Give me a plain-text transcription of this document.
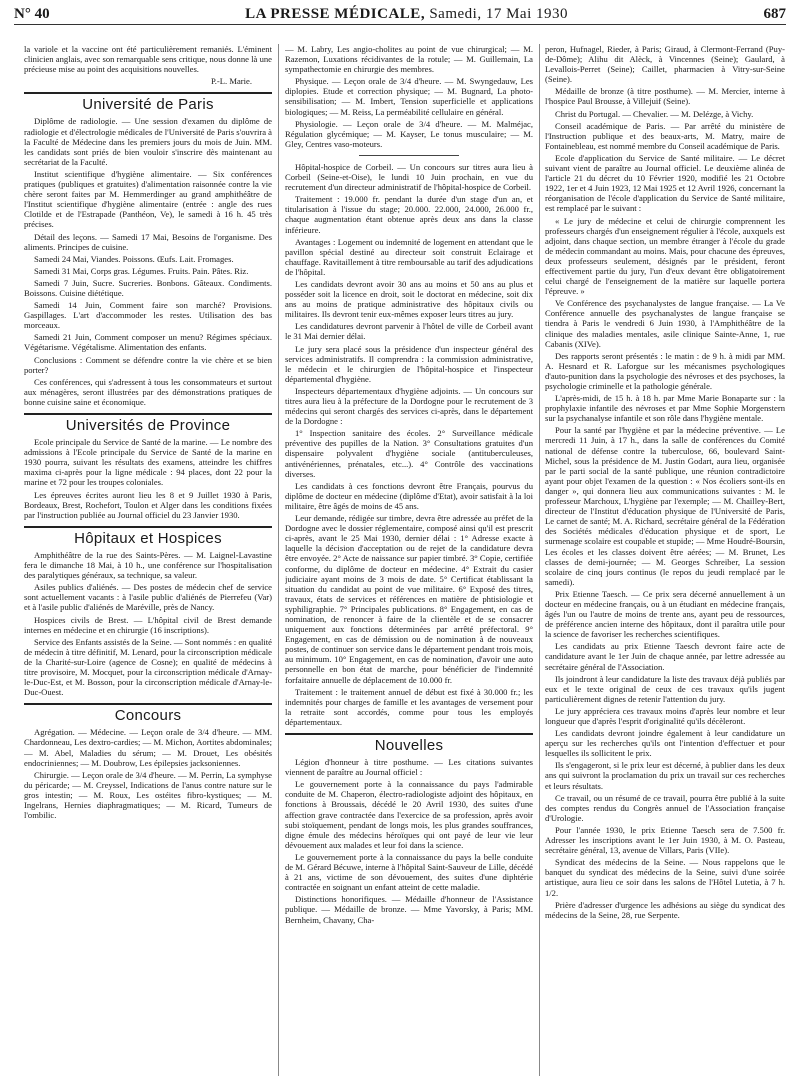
N° 40	LA PRESSE MÉDICALE, Samedi, 17 Mai 1930	687

la variole et la vaccine ont été particulièrement remaniés. L'éminent clinicien anglais, avec son remarquable sens critique, nous donne là une précieuse mise au point des acquisitions nouvelles.

P.-L. Marie.
Université de Paris

Diplôme de radiologie. — Une session d'examen du diplôme de radiologie et d'électrologie médicales de l'Université de Paris s'ouvrira à la Faculté de Médecine dans les premiers jours du mois de Juin. MM. les candidats sont priés de bien vouloir s'inscrire dès maintenant au secrétariat de la Faculté.

Institut scientifique d'hygiène alimentaire. — Six conférences pratiques (publiques et gratuites) d'alimentation raisonnée contre la vie chère seront faites par M. Hemmerdinger au grand amphithéâtre de l'Institut scientifique d'hygiène alimentaire (entrée : angle des rues Clotilde et de l'Estrapade (Panthéon, Ve), le samedi à 16 h. 45 très précises.

Détail des leçons. — Samedi 17 Mai, Besoins de l'organisme. Des aliments. Principes de cuisine.

Samedi 24 Mai, Viandes. Poissons. Œufs. Lait. Fromages.

Samedi 31 Mai, Corps gras. Légumes. Fruits. Pain. Pâtes. Riz.

Samedi 7 Juin, Sucre. Sucreries. Bonbons. Gâteaux. Condiments. Boissons. Cuisine diététique.

Samedi 14 Juin, Comment faire son marché? Provisions. Gaspillages. L'art d'accommoder les restes. Utilisation des bas morceaux.

Samedi 21 Juin, Comment composer un menu? Régimes spéciaux. Végétarisme. Végétalisme. Alimentation des enfants.

Conclusions : Comment se défendre contre la vie chère et se bien porter?

Ces conférences, qui s'adressent à tous les consommateurs et surtout aux ménagères, seront illustrées par des démonstrations pratiques de bonne cuisine saine et économique.

Universités de Province

Ecole principale du Service de Santé de la marine. — Le nombre des admissions à l'Ecole principale du Service de Santé de la marine en 1930 pourra, suivant les résultats des examens, atteindre les chiffres maxima ci-après pour la ligne médicale : 94 places, dont 22 pour la marine et 72 pour les troupes coloniales.

Les épreuves écrites auront lieu les 8 et 9 Juillet 1930 à Paris, Bordeaux, Brest, Rochefort, Toulon et Alger dans les conditions fixées par l'instruction publiée au Journal officiel du 23 Janvier 1930.

Hôpitaux et Hospices

Amphithéâtre de la rue des Saints-Pères. — M. Laignel-Lavastine fera le dimanche 18 Mai, à 10 h., une conférence sur l'hospitalisation des paralytiques généraux, sa technique, sa valeur.

Asiles publics d'aliénés. — Des postes de médecin chef de service sont actuellement vacants : à l'asile public d'aliénés de Pierrefeu (Var) et à l'asile public d'aliénés de Maréville, près de Nancy.

Hospices civils de Brest. — L'hôpital civil de Brest demande internes en médecine et en chirurgie (16 inscriptions).

Service des Enfants assistés de la Seine. — Sont nommés : en qualité de médecin à titre définitif, M. Lenard, pour la circonscription médicale de la Charité-sur-Loire (agence de Cosne); en qualité de médecins à titre provisoire, M. Mocquet, pour la circonscription médicale d'Arnay-le-Duc-Est, et M. Bosson, pour la circonscription médicale d'Arnay-le-Duc-Ouest.

Concours

Agrégation. — Médecine. — Leçon orale de 3/4 d'heure. — MM. Chardonneau, Les dextro-cardies; — M. Michon, Aortites abdominales; — M. Abel, Maladies du sérum; — M. Drouet, Les obésités endocriniennes; — M. Doubrow, Les épilepsies jacksoniennes.

Chirurgie. — Leçon orale de 3/4 d'heure. — M. Perrin, La symphyse du péricarde; — M. Creyssel, Indications de l'anus contre nature sur le gros intestin; — M. Roux, Les ostéites fibro-kystiques; — M. Ingelrans, Hernies diaphragmatiques; — M. Ricard, Tumeurs de l'ombilic.

— M. Labry, Les angio-cholites au point de vue chirurgical; — M. Razemon, Luxations récidivantes de la rotule; — M. Guillemain, La sympathectomie en chirurgie des membres.

Physique. — Leçon orale de 3/4 d'heure. — M. Swyngedauw, Les diplopies. Etude et correction physique; — M. Bugnard, La photo-sensibilisation; — M. Imbert, Tension superficielle et applications biologiques; — M. Reiss, La perméabilité cellulaire en général.

Physiologie. — Leçon orale de 3/4 d'heure. — M. Malméjac, Régulation glycémique; — M. Kayser, Le tonus musculaire; — M. Gley, Centres vaso-moteurs.

Hôpital-hospice de Corbeil. — Un concours sur titres aura lieu à Corbeil (Seine-et-Oise), le lundi 10 Juin prochain, en vue du recrutement d'un directeur administratif de l'hôpital-hospice de Corbeil.

Traitement : 19.000 fr. pendant la durée d'un stage d'un an, et titularisation à l'issue du stage; 20.000. 22.000, 24.000, 26.000 fr., chaque augmentation étant obtenue après deux ans dans la classe inférieure.

Avantages : Logement ou indemnité de logement en attendant que le pavillon spécial destiné au directeur soit construit Eclairage et chauffage. Ravitaillement à titre remboursable au tarif des adjudications de l'hôpital.

Les candidats devront avoir 30 ans au moins et 50 ans au plus et posséder soit la licence en droit, soit le doctorat en médecine, soit dix ans au moins de pratique administrative des hôpitaux civils ou militaires. Ils devront tenir eux-mêmes exposer leurs titres au jury.

Les candidatures devront parvenir à l'hôtel de ville de Corbeil avant le 31 Mai dernier délai.

Le jury sera placé sous la présidence d'un inspecteur général des services administratifs. Il comprendra : la commission administrative, le médecin et le chirurgien de l'hôpital-hospice et l'inspecteur départemental d'hygiène.

Inspecteurs départementaux d'hygiène adjoints. — Un concours sur titres aura lieu à la préfecture de la Dordogne pour le recrutement de 3 médecins qui seront chargés des services ci-après, dans le département de la Dordogne :

1° Inspection sanitaire des écoles. 2° Surveillance médicale préventive des pupilles de la Nation. 3° Consultations gratuites d'un dispensaire polyvalent d'hygiène sociale (antituberculeuses, antivénériennes, prénatales, etc...). 4° Contrôle des vaccinations diverses.

Les candidats à ces fonctions devront être Français, pourvus du diplôme de docteur en médecine (diplôme d'Etat), avoir satisfait à la loi militaire, être âgés de moins de 45 ans.

Leur demande, rédigée sur timbre, devra être adressée au préfet de la Dordogne avec le dossier réglementaire, composé ainsi qu'il est prescrit ci-après, avant le 25 Mai 1930, dernier délai : 1° Adresse exacte à laquelle la décision d'acceptation ou de rejet de la candidature devra être envoyée. 2° Acte de naissance sur papier timbré. 3° Copie, certifiée conforme, du diplôme de docteur en médecine. 4° Extrait du casier judiciaire ayant moins de 3 mois de date. 5° Certificat établissant la situation du candidat au point de vue militaire. 6° Exposé des titres, travaux, états de services et références en matière de phtisiologie et syphiligraphie. 7° Principales publications. 8° Engagement, en cas de nomination, de renoncer à faire de la clientèle et de se consacrer uniquement aux fonctions déterminées par arrêté préfectoral. 9° Engagement, en cas de démission ou de nomination à de nouveaux postes, de continuer son service dans le département pendant trois mois, au minimum. 10° Engagement, en cas de nomination, d'avoir une auto personnelle en bon état de marche, pour bénéficier de l'indemnité forfaitaire annuelle de déplacement de 10.000 fr.

Traitement : le traitement annuel de début est fixé à 30.000 fr.; les indemnités pour charges de famille et les avantages de versement pour la retraite sont accordés, comme pour tous les employés départementaux.

Nouvelles

Légion d'honneur à titre posthume. — Les citations suivantes viennent de paraître au Journal officiel :

Le gouvernement porte à la connaissance du pays l'admirable conduite de M. Chaperon, électro-radiologiste adjoint des hôpitaux, en fonctions à Broussais, décédé le 20 Avril 1930, des suites d'une affection grave contractée dans l'exercice de sa profession, après avoir subi stoïquement, pendant de longs mois, les plus grandes souffrances, digne émule des médecins héroïques qui ont payé de leur vie leur dévouement aux malades et leur foi dans la science.

Le gouvernement porte à la connaissance du pays la belle conduite de M. Gérard Bécuwe, interne à l'hôpital Saint-Sauveur de Lille, décédé à 21 ans, victime de son dévouement, des suites d'une diphtérie contractée en soignant un enfant atteint de cette maladie.

Distinctions honorifiques. — Médaille d'honneur de l'Assistance publique. — Médaille de bronze. — Mme Yavorsky, à Paris; MM. Bernheim, Chavany, Cha-

peron, Hufnagel, Rieder, à Paris; Giraud, à Clermont-Ferrand (Puy-de-Dôme); Alihu dit Alèck, à Vincennes (Seine); Gaulard, à Levallois-Perret (Seine); Caillet, pharmacien à Vitry-sur-Seine (Seine).

Médaille de bronze (à titre posthume). — M. Mercier, interne à l'hospice Paul Brousse, à Villejuif (Seine).

Christ du Portugal. — Chevalier. — M. Delézge, à Vichy.

Conseil académique de Paris. — Par arrêté du ministère de l'Instruction publique et des beaux-arts, M. Matry, maire de Fontainebleau, est nommé membre du Conseil académique de Paris.

Ecole d'application du Service de Santé militaire. — Le décret suivant vient de paraître au Journal officiel. Le deuxième alinéa de l'article 21 du décret du 10 Février 1920, modifié les 21 Octobre 1922, 1er et 4 Juin 1923, 12 Mai 1925 et 12 Avril 1926, concernant la réorganisation de l'école d'application du Service de Santé militaire, est remplacé par le suivant :

« Le jury de médecine et celui de chirurgie comprennent les professeurs chargés d'un enseignement régulier à l'école, auxquels est adjoint, dans chaque section, un membre étranger à l'école du grade de médecin commandant au moins. Mais, pour chacune des épreuves, deux professeurs seulement, désignés par le président, feront effectivement partie du jury, l'un d'eux devant être obligatoirement celui chargé de l'enseignement de la matière sur laquelle portera l'épreuve. »

Ve Conférence des psychanalystes de langue française. — La Ve Conférence annuelle des psychanalystes de langue française se tiendra à Paris le vendredi 6 Juin 1930, à l'Amphithéâtre de la clinique des maladies mentales, asile clinique Sainte-Anne, 1, rue Cabanis (XIVe).

Des rapports seront présentés : le matin : de 9 h. à midi par MM. A. Hesnard et R. Laforgue sur les mécanismes psychologiques d'auto-punition dans la psychologie des névroses et des psychoses, la psychologie criminelle et la pathologie générale.

L'après-midi, de 15 h. à 18 h. par Mme Marie Bonaparte sur : la prophylaxie infantile des névroses et par Mme Sophie Morgenstern sur la psychanalyse infantile et son rôle dans l'hygiène mentale.

Pour la santé par l'hygiène et par la médecine préventive. — Le mercredi 11 Juin, à 17 h., dans la salle de conférences du Comité national de défense contre la tuberculose, 66, boulevard Saint-Michel, sous la présidence de M. Justin Godart, aura lieu, organisée par le parti social de la santé publique, une réunion contradictoire ayant pour objet l'examen de la question : « Nos écoliers sont-ils en danger », qui donnera lieu aux communications suivantes : M. le professeur Marchoux, L'hygiène par l'exemple; — M. Chailley-Bert, directeur de l'Institut d'éducation physique de l'Université de Paris, Le carnet de santé; M. A. Richard, secrétaire général de la Fédération des Sociétés médicales d'éducation physique et de sport, Le surmenage scolaire est coupable et stupide; — Mme Houdré-Boursin, Les écoles et les classes doivent être aérées; — M. Brunet, Les classes de demi-journée; — M. Georges Schreiber, La session scolaire de cinq jours continus (le repos du jeudi remplacé par le samedi).

Prix Etienne Taesch. — Ce prix sera décerné annuellement à un docteur en médecine français, ou à un étudiant en médecine français, âgés l'un ou l'autre de moins de trente ans, ayant peu de ressources, de préférence ancien interne des hôpitaux, dont il paraîtra utile pour la science de favoriser les recherches scientifiques.

Les candidats au prix Etienne Taesch devront faire acte de candidature avant le 1er Juin de chaque année, par lettre adressée au secrétaire général de l'Association.

Ils joindront à leur candidature la liste des travaux déjà publiés par eux et le texte original de ceux de ces travaux qu'ils jugent particulièrement dignes de retenir l'attention du jury.

Le jury appréciera ces travaux moins d'après leur nombre et leur longueur que d'après l'esprit d'originalité qu'ils décèleront.

Les candidats devront joindre également à leur candidature un aperçu sur les recherches qu'ils ont l'intention d'effectuer et pour lesquelles ils sollicitent le prix.

Ils s'engageront, si le prix leur est décerné, à publier dans les deux ans qui suivront la proclamation du prix un travail sur ces recherches et leurs résultats.

Ce travail, ou un résumé de ce travail, pourra être publié à la suite des comptes rendus du Congrès annuel de l'Association française d'Urologie.

Pour l'année 1930, le prix Etienne Taesch sera de 7.500 fr. Adresser les inscriptions avant le 1er Juin 1930, à M. O. Pasteau, secrétaire général, 13, avenue de Villars, Paris (VIIe).

Syndicat des médecins de la Seine. — Nous rappelons que le banquet du syndicat des médecins de la Seine, suivi d'une soirée artistique, aura lieu ce soir dans les salons de l'Hôtel Lutetia, à 7 h. 1/2.

Prière d'adresser d'urgence les adhésions au siège du syndicat des médecins de la Seine, 28, rue Serpente.
